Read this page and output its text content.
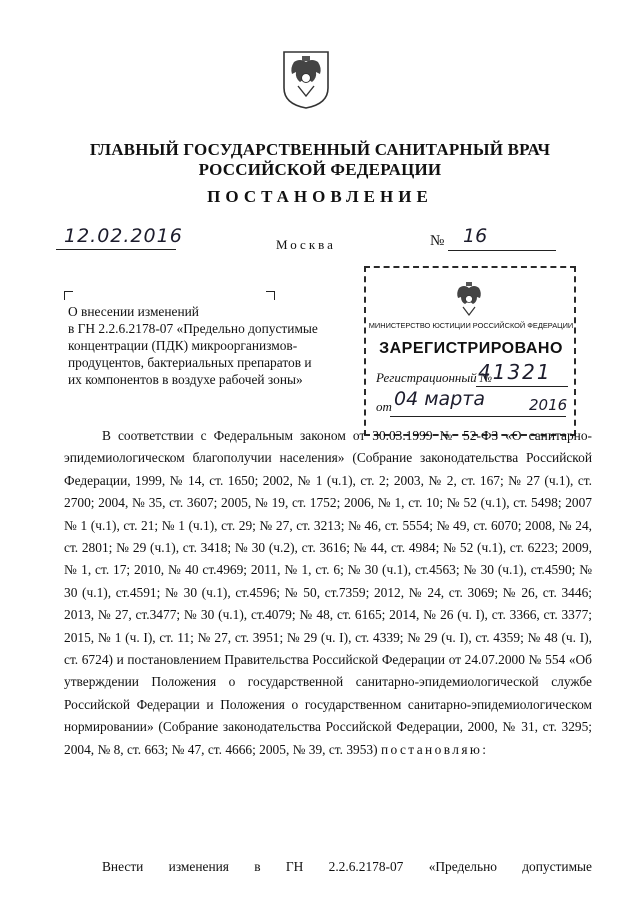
ГЛАВНЫЙ ГОСУДАРСТВЕННЫЙ САНИТАРНЫЙ ВРАЧ
РОССИЙСКОЙ ФЕДЕРАЦИИ
ПОСТАНОВЛЕНИЕ
12.02.2016	Москва	№ 16
О внесении изменений
в ГН 2.2.6.2178-07 «Предельно допустимые
концентрации (ПДК) микроорганизмов-
продуцентов, бактериальных препаратов и
их компонентов в воздухе рабочей зоны»
МИНИСТЕРСТВО ЮСТИЦИИ РОССИЙСКОЙ ФЕДЕРАЦИИ
ЗАРЕГИСТРИРОВАНО
Регистрационный №
41321
от 04 марта	2016
В соответствии с Федеральным законом от 30.03.1999 № 52-ФЗ «О санитарно-эпидемиологическом благополучии населения» (Собрание законодательства Российской Федерации, 1999, № 14, ст. 1650; 2002, № 1 (ч.1), ст. 2; 2003, № 2, ст. 167; № 27 (ч.1), ст. 2700; 2004, № 35, ст. 3607; 2005, № 19, ст. 1752; 2006, № 1, ст. 10; № 52 (ч.1), ст. 5498; 2007 № 1 (ч.1), ст. 21; № 1 (ч.1), ст. 29; № 27, ст. 3213; № 46, ст. 5554; № 49, ст. 6070; 2008, № 24, ст. 2801; № 29 (ч.1), ст. 3418; № 30 (ч.2), ст. 3616; № 44, ст. 4984; № 52 (ч.1), ст. 6223; 2009, № 1, ст. 17; 2010, № 40 ст.4969; 2011, № 1, ст. 6; № 30 (ч.1), ст.4563; № 30 (ч.1), ст.4590; № 30 (ч.1), ст.4591; № 30 (ч.1), ст.4596; № 50, ст.7359; 2012, № 24, ст. 3069; № 26, ст. 3446; 2013, № 27, ст.3477; № 30 (ч.1), ст.4079; № 48, ст. 6165; 2014, № 26 (ч. I), ст. 3366, ст. 3377; 2015, № 1 (ч. I), ст. 11; № 27, ст. 3951; № 29 (ч. I), ст. 4339; № 29 (ч. I), ст. 4359; № 48 (ч. I), ст. 6724) и постановлением Правительства Российской Федерации от 24.07.2000 № 554 «Об утверждении Положения о государственной санитарно-эпидемиологической службе Российской Федерации и Положения о государственном санитарно-эпидемиологическом нормировании» (Собрание законодательства Российской Федерации, 2000, № 31, ст. 3295; 2004, № 8, ст. 663; № 47, ст. 4666; 2005, № 39, ст. 3953) постановляю:
Внести изменения в ГН 2.2.6.2178-07 «Предельно допустимые
